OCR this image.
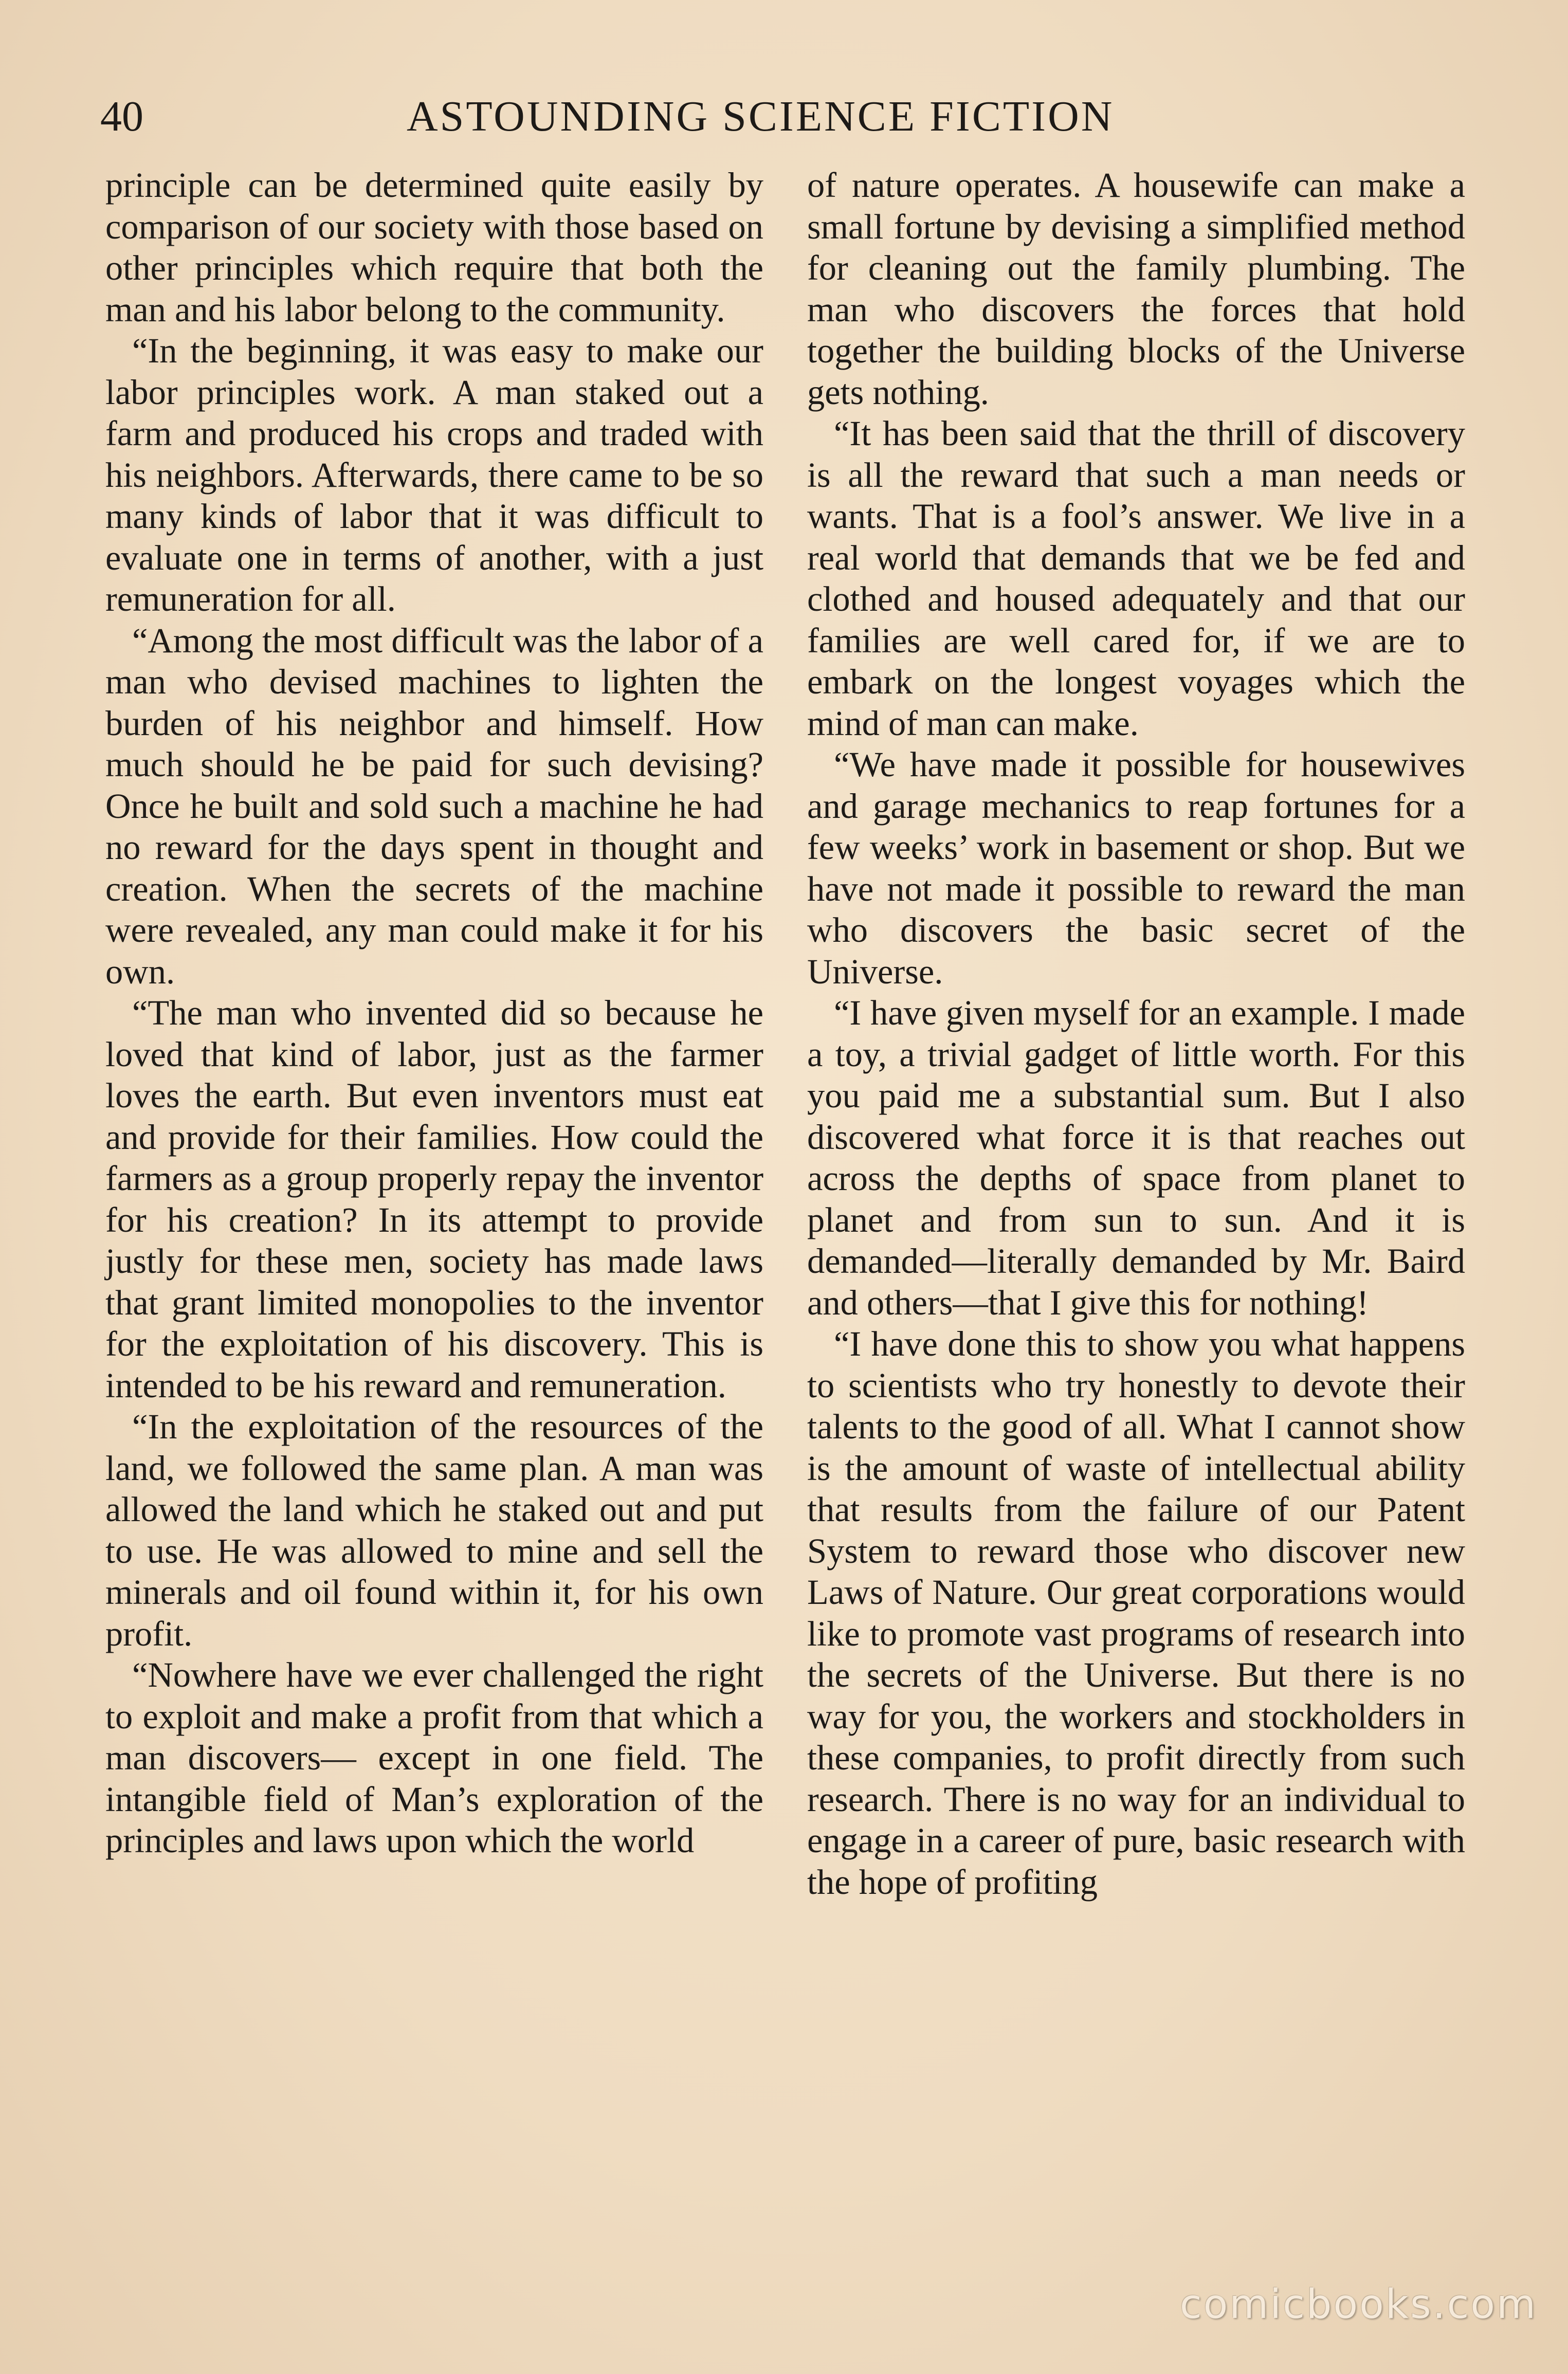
40	ASTOUNDING SCIENCE FICTION

principle can be determined quite easily by comparison of our society with those based on other principles which require that both the man and his labor belong to the community.

“In the beginning, it was easy to make our labor principles work. A man staked out a farm and produced his crops and traded with his neighbors. Afterwards, there came to be so many kinds of labor that it was difficult to evaluate one in terms of another, with a just remuneration for all.

“Among the most difficult was the labor of a man who devised machines to lighten the burden of his neighbor and himself. How much should he be paid for such devising? Once he built and sold such a machine he had no reward for the days spent in thought and creation. When the secrets of the machine were revealed, any man could make it for his own.

“The man who invented did so because he loved that kind of labor, just as the farmer loves the earth. But even inventors must eat and provide for their families. How could the farmers as a group properly repay the inventor for his creation? In its attempt to provide justly for these men, society has made laws that grant limited monopolies to the inventor for the exploitation of his discovery. This is intended to be his reward and remuneration.

“In the exploitation of the resources of the land, we followed the same plan. A man was allowed the land which he staked out and put to use. He was allowed to mine and sell the minerals and oil found within it, for his own profit.

“Nowhere have we ever challenged the right to exploit and make a profit from that which a man discovers— except in one field. The intangible field of Man’s exploration of the principles and laws upon which the world

of nature operates. A housewife can make a small fortune by devising a simplified method for cleaning out the family plumbing. The man who discovers the forces that hold together the building blocks of the Universe gets nothing.

“It has been said that the thrill of discovery is all the reward that such a man needs or wants. That is a fool’s answer. We live in a real world that demands that we be fed and clothed and housed adequately and that our families are well cared for, if we are to embark on the longest voyages which the mind of man can make.

“We have made it possible for housewives and garage mechanics to reap fortunes for a few weeks’ work in basement or shop. But we have not made it possible to reward the man who discovers the basic secret of the Universe.

“I have given myself for an example. I made a toy, a trivial gadget of little worth. For this you paid me a substantial sum. But I also discovered what force it is that reaches out across the depths of space from planet to planet and from sun to sun. And it is demanded—literally demanded by Mr. Baird and others—that I give this for nothing!

“I have done this to show you what happens to scientists who try honestly to devote their talents to the good of all. What I cannot show is the amount of waste of intellectual ability that results from the failure of our Patent System to reward those who discover new Laws of Nature. Our great corporations would like to promote vast programs of research into the secrets of the Universe. But there is no way for you, the workers and stockholders in these companies, to profit directly from such research. There is no way for an individual to engage in a career of pure, basic research with the hope of profiting

comicbooks.com
